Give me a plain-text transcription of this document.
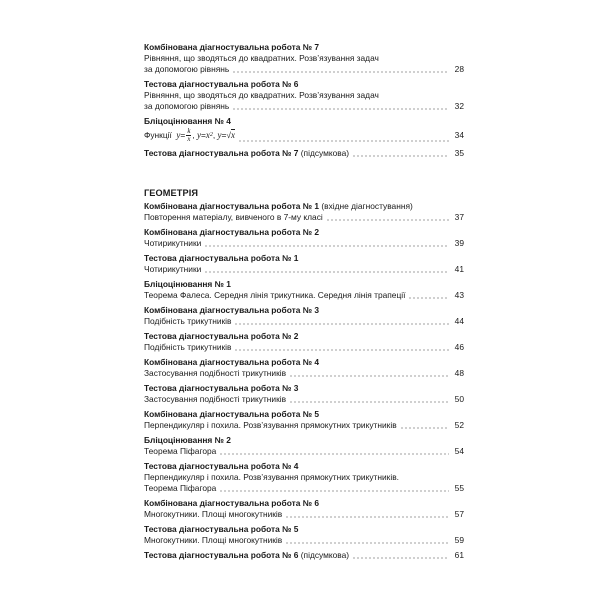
Комбінована діагностувальна робота № 7
Рівняння, що зводяться до квадратних. Розв’язування задач
за допомогою рівнянь	28
Тестова діагностувальна робота № 6
Рівняння, що зводяться до квадратних. Розв’язування задач
за допомогою рівнянь	32
Бліцоцінювання № 4
Функції $y = \frac{k}{x}$ ,
y = x 2 ,
y = √ x	34
Тестова діагностувальна робота № 7 (підсумкова)	35
ГЕОМЕТРІЯ
Комбінована діагностувальна робота № 1 (вхідне діагностування)
Повторення матеріалу, вивченого в 7-му класі	37
Комбінована діагностувальна робота № 2
Чотирикутники	39
Тестова діагностувальна робота № 1
Чотирикутники	41
Бліцоцінювання № 1
Теорема Фалеса. Середня лінія трикутника. Середня лінія трапеції	43
Комбінована діагностувальна робота № 3
Подібність трикутників	44
Тестова діагностувальна робота № 2
Подібність трикутників	46
Комбінована діагностувальна робота № 4
Застосування подібності трикутників	48
Тестова діагностувальна робота № 3
Застосування подібності трикутників	50
Комбінована діагностувальна робота № 5
Перпендикуляр і похила. Розв’язування прямокутних трикутників	52
Бліцоцінювання № 2
Теорема Піфагора	54
Тестова діагностувальна робота № 4
Перпендикуляр і похила. Розв’язування прямокутних трикутників.
Теорема Піфагора	55
Комбінована діагностувальна робота № 6
Многокутники. Площі многокутників	57
Тестова діагностувальна робота № 5
Многокутники. Площі многокутників	59
Тестова діагностувальна робота № 6 (підсумкова)	61
